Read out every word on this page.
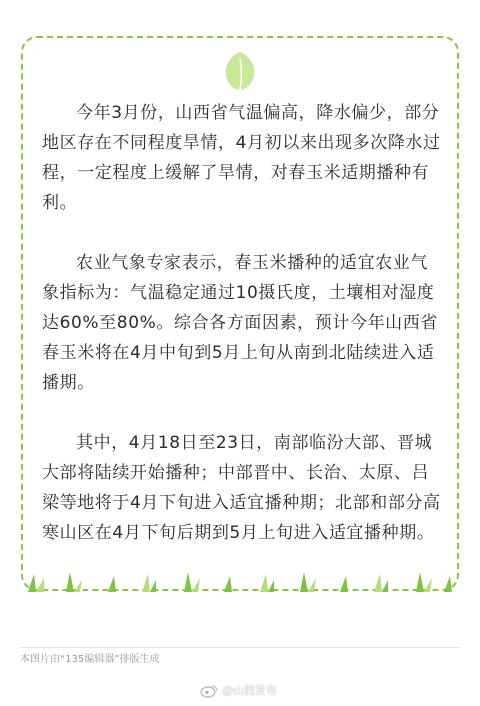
今年3月份，山西省气温偏高，降水偏少，部分地区存在不同程度旱情，4月初以来出现多次降水过程，一定程度上缓解了旱情，对春玉米适期播种有利。

农业气象专家表示，春玉米播种的适宜农业气象指标为：气温稳定通过10摄氏度，土壤相对湿度达60%至80%。综合各方面因素，预计今年山西省春玉米将在4月中旬到5月上旬从南到北陆续进入适播期。

其中，4月18日至23日，南部临汾大部、晋城大部将陆续开始播种；中部晋中、长治、太原、吕梁等地将于4月下旬进入适宜播种期；北部和部分高寒山区在4月下旬后期到5月上旬进入适宜播种期。

本图片由“135编辑器”排版生成
@山西发布
